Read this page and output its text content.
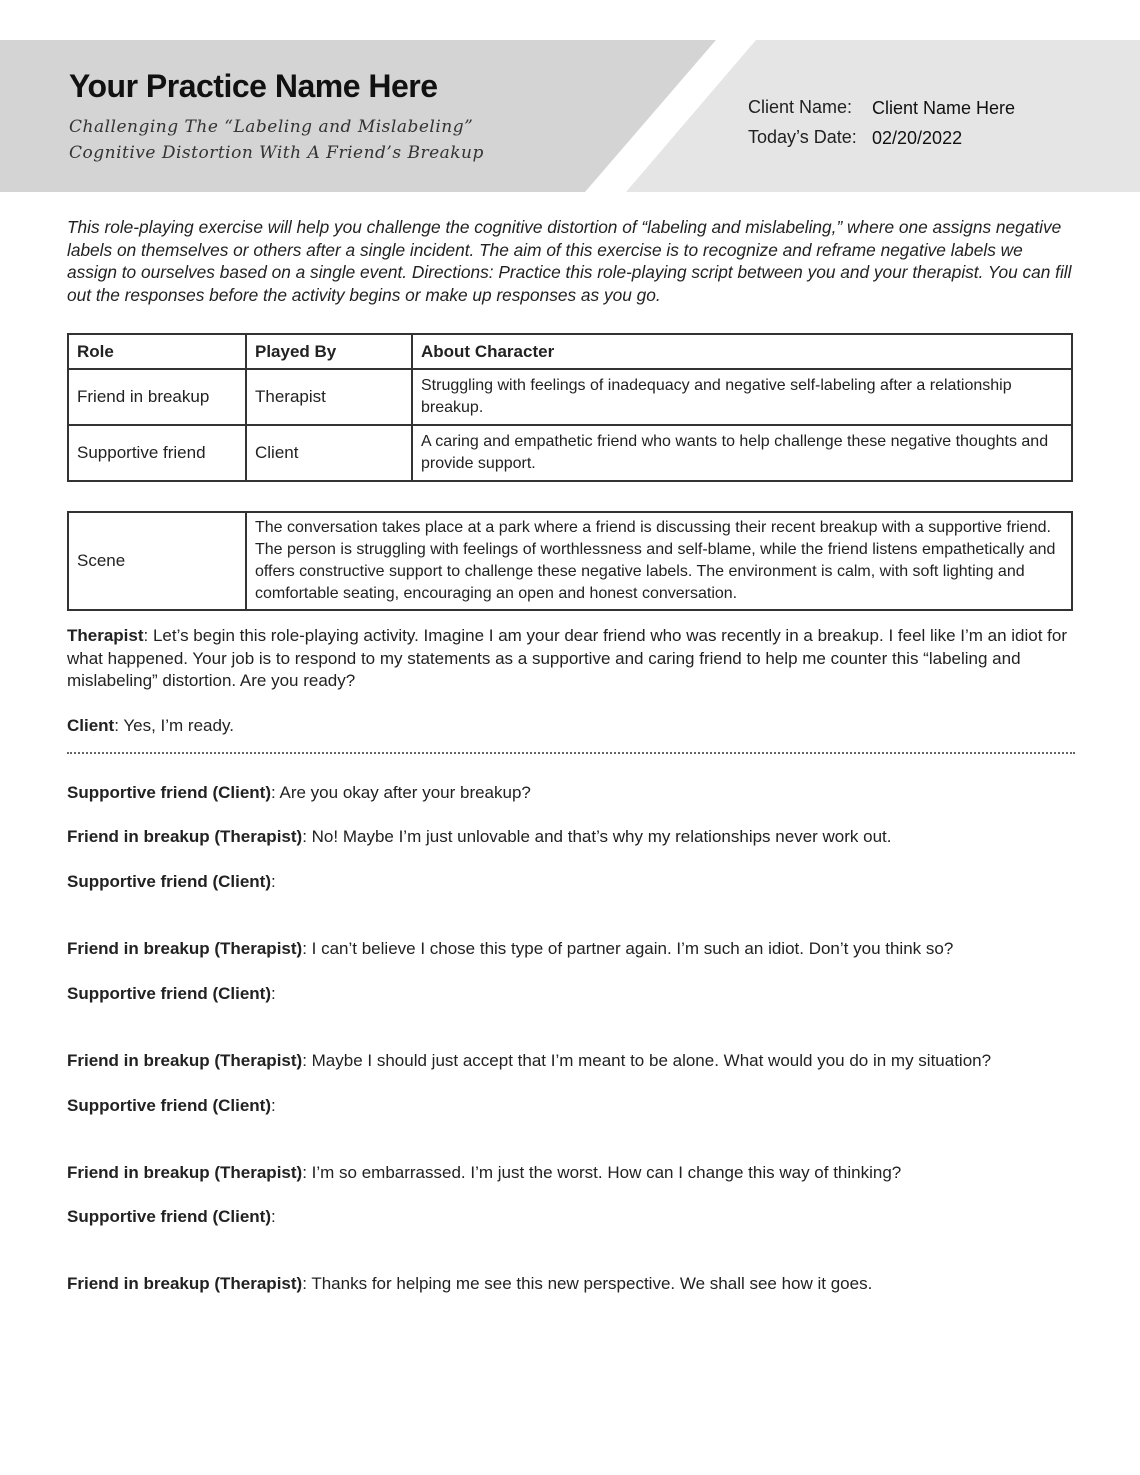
Your Practice Name Here
Challenging The “Labeling and Mislabeling”
Cognitive Distortion With A Friend’s Breakup
Client Name: Client Name Here
Today’s Date: 02/20/2022
This role-playing exercise will help you challenge the cognitive distortion of “labeling and mislabeling,” where one assigns negative labels on themselves or others after a single incident. The aim of this exercise is to recognize and reframe negative labels we assign to ourselves based on a single event. Directions: Practice this role-playing script between you and your therapist. You can fill out the responses before the activity begins or make up responses as you go.
Role	Played By	About Character
Friend in breakup	Therapist	Struggling with feelings of inadequacy and negative self-labeling after a relationship breakup.
Supportive friend	Client	A caring and empathetic friend who wants to help challenge these negative thoughts and provide support.
Scene	The conversation takes place at a park where a friend is discussing their recent breakup with a supportive friend. The person is struggling with feelings of worthlessness and self-blame, while the friend listens empathetically and offers constructive support to challenge these negative labels. The environment is calm, with soft lighting and comfortable seating, encouraging an open and honest conversation.
Therapist: Let’s begin this role-playing activity. Imagine I am your dear friend who was recently in a breakup. I feel like I’m an idiot for what happened. Your job is to respond to my statements as a supportive and caring friend to help me counter this “labeling and mislabeling” distortion. Are you ready?
Client: Yes, I’m ready.
Supportive friend (Client): Are you okay after your breakup?
Friend in breakup (Therapist): No! Maybe I’m just unlovable and that’s why my relationships never work out.
Supportive friend (Client):
Friend in breakup (Therapist): I can’t believe I chose this type of partner again. I’m such an idiot. Don’t you think so?
Supportive friend (Client):
Friend in breakup (Therapist): Maybe I should just accept that I’m meant to be alone. What would you do in my situation?
Supportive friend (Client):
Friend in breakup (Therapist): I’m so embarrassed. I’m just the worst. How can I change this way of thinking?
Supportive friend (Client):
Friend in breakup (Therapist): Thanks for helping me see this new perspective. We shall see how it goes.
